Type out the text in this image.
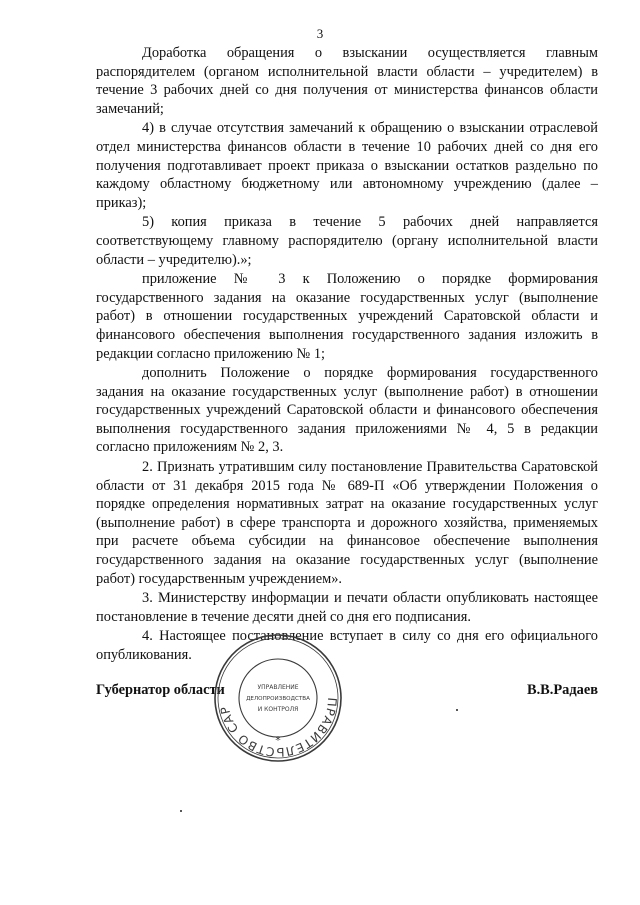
3

Доработка обращения о взыскании осуществляется главным распорядителем (органом исполнительной власти области – учредителем) в течение 3 рабочих дней со дня получения от министерства финансов области замечаний;

4) в случае отсутствия замечаний к обращению о взыскании отраслевой отдел министерства финансов области в течение 10 рабочих дней со дня его получения подготавливает проект приказа о взыскании остатков раздельно по каждому областному бюджетному или автономному учреждению (далее – приказ);

5) копия приказа в течение 5 рабочих дней направляется соответствующему главному распорядителю (органу исполнительной власти области – учредителю).»;

приложение № 3 к Положению о порядке формирования государственного задания на оказание государственных услуг (выполнение работ) в отношении государственных учреждений Саратовской области и финансового обеспечения выполнения государственного задания изложить в редакции согласно приложению № 1;

дополнить Положение о порядке формирования государственного задания на оказание государственных услуг (выполнение работ) в отношении государственных учреждений Саратовской области и финансового обеспечения выполнения государственного задания приложениями № 4, 5 в редакции согласно приложениям № 2, 3.

2. Признать утратившим силу постановление Правительства Саратовской области от 31 декабря 2015 года № 689-П «Об утверждении Положения о порядке определения нормативных затрат на оказание государственных услуг (выполнение работ) в сфере транспорта и дорожного хозяйства, применяемых при расчете объема субсидии на финансовое обеспечение выполнения государственного задания на оказание государственных услуг (выполнение работ) государственным учреждением».

3. Министерству информации и печати области опубликовать настоящее постановление в течение десяти дней со дня его подписания.

4. Настоящее постановление вступает в силу со дня его официального опубликования.

Губернатор области	В.В.Радаев
ПРАВИТЕЛЬСТВО САРАТОВСКОЙ
УПРАВЛЕНИЕ
ДЕЛОПРОИЗВОДСТВА
И КОНТРОЛЯ
*
